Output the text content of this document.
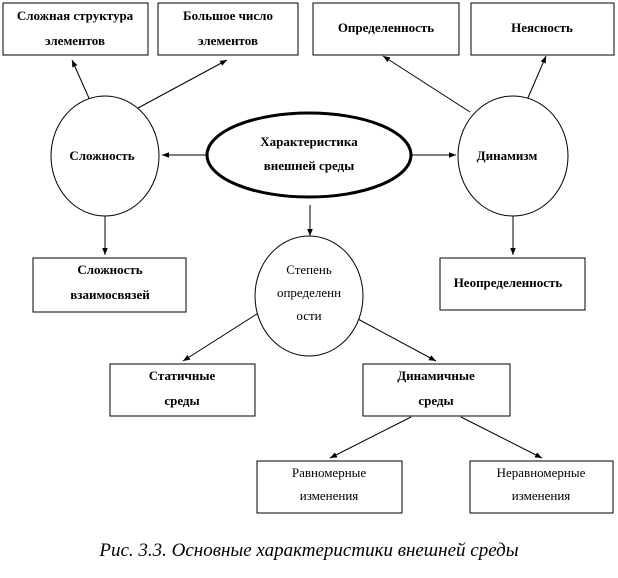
Сложная структура
элементов
Большое число
элементов
Определенность	Неясность
Сложность
Характеристика
внешней среды
Динамизм
Сложность
взаимосвязей
Степень
определенн
ости
Неопределенность
Статичные
среды
Динамичные
среды
Равномерные
изменения
Неравномерные
изменения
Рис. 3.3. Основные характеристики внешней среды
